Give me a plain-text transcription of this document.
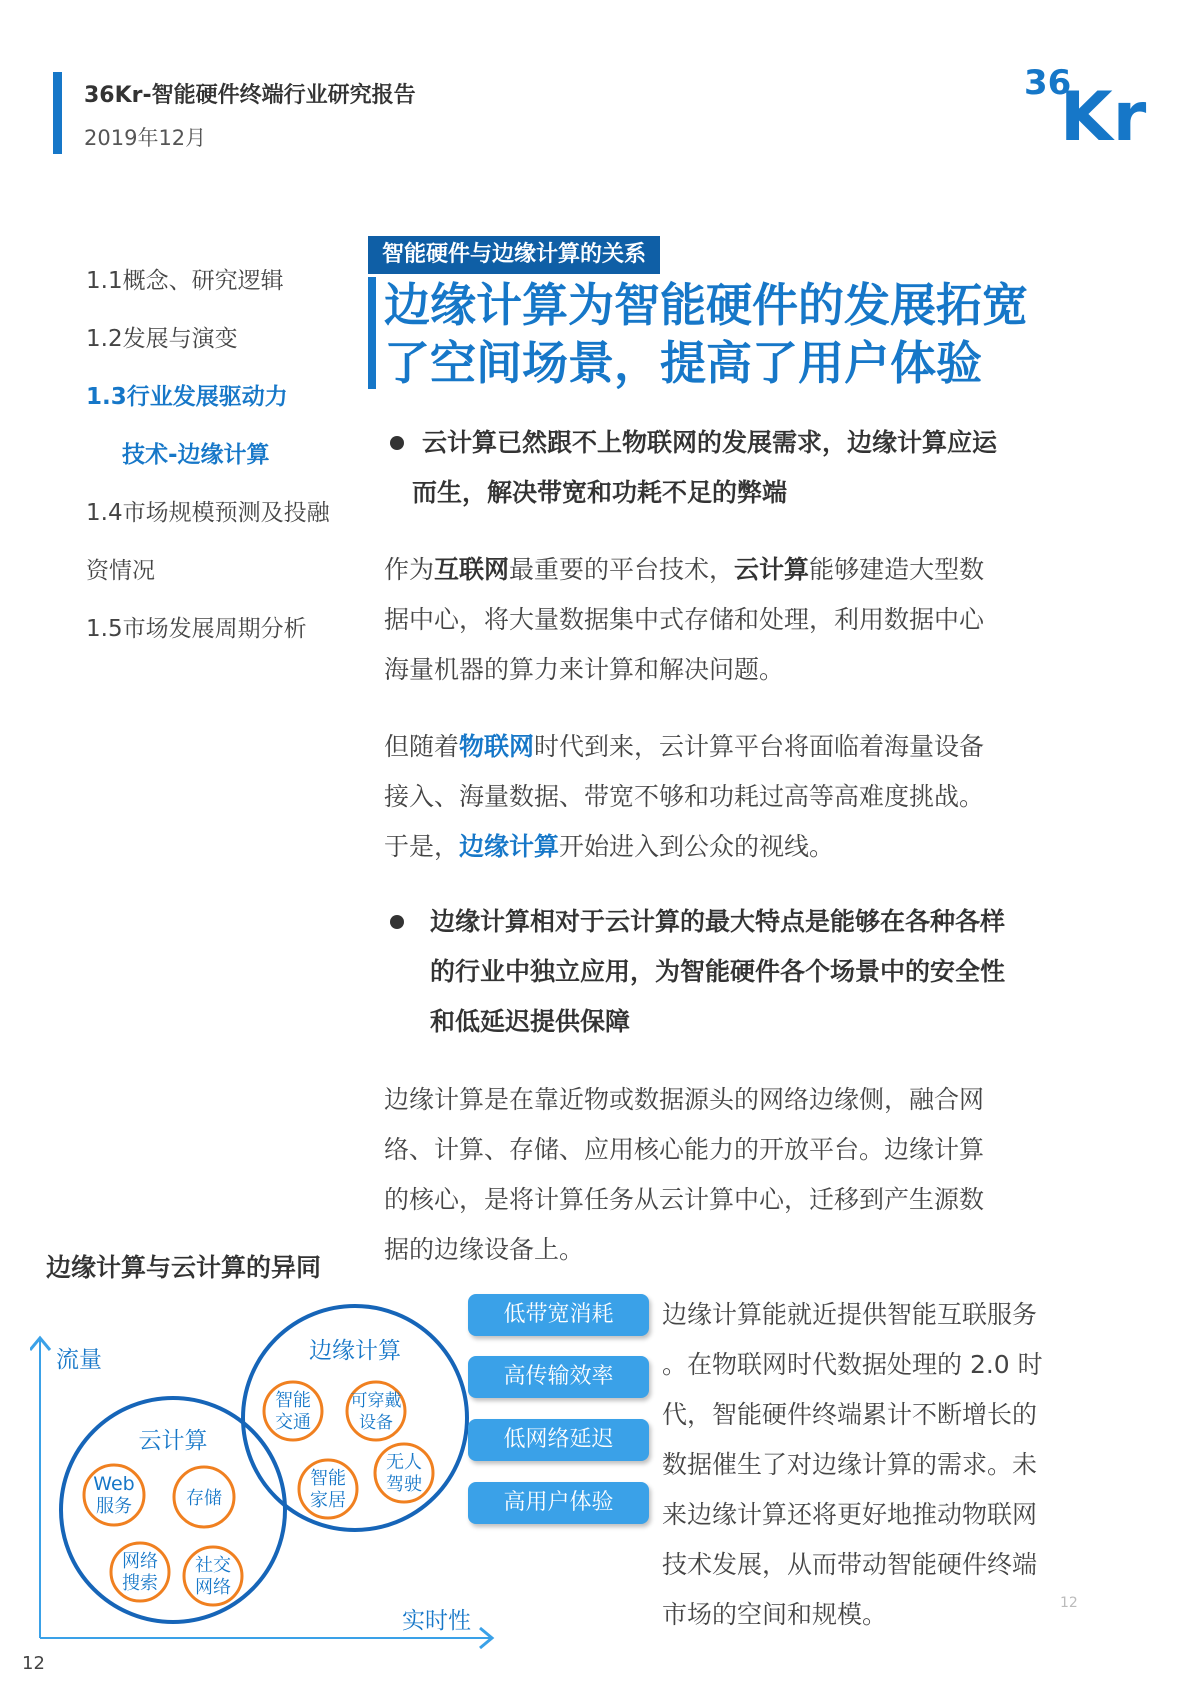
36Kr-智能硬件终端行业研究报告
2019年12月
36
Kr
1.1概念、研究逻辑
1.2发展与演变
1.3行业发展驱动力
技术-边缘计算
1.4市场规模预测及投融
资情况
1.5市场发展周期分析
智能硬件与边缘计算的关系
边缘计算为智能硬件的发展拓宽
了空间场景，提高了用户体验
云计算已然跟不上物联网的发展需求，边缘计算应运
而生，解决带宽和功耗不足的弊端
作为互联网最重要的平台技术，云计算能够建造大型数
据中心，将大量数据集中式存储和处理，利用数据中心
海量机器的算力来计算和解决问题。
但随着物联网时代到来，云计算平台将面临着海量设备
接入、海量数据、带宽不够和功耗过高等高难度挑战。
于是，边缘计算开始进入到公众的视线。
边缘计算相对于云计算的最大特点是能够在各种各样
的行业中独立应用，为智能硬件各个场景中的安全性
和低延迟提供保障
边缘计算是在靠近物或数据源头的网络边缘侧，融合网
络、计算、存储、应用核心能力的开放平台。边缘计算
的核心，是将计算任务从云计算中心，迁移到产生源数
据的边缘设备上。
边缘计算与云计算的异同
流量
实时性
边缘计算
云计算
智能
交通
可穿戴
设备
智能
家居
无人
驾驶
Web
服务	存储
网络
搜索
社交
网络
低带宽消耗
高传输效率
低网络延迟
高用户体验
边缘计算能就近提供智能互联服务
。在物联网时代数据处理的 2.0 时
代，智能硬件终端累计不断增长的
数据催生了对边缘计算的需求。未
来边缘计算还将更好地推动物联网
技术发展，从而带动智能硬件终端
市场的空间和规模。	12
12
